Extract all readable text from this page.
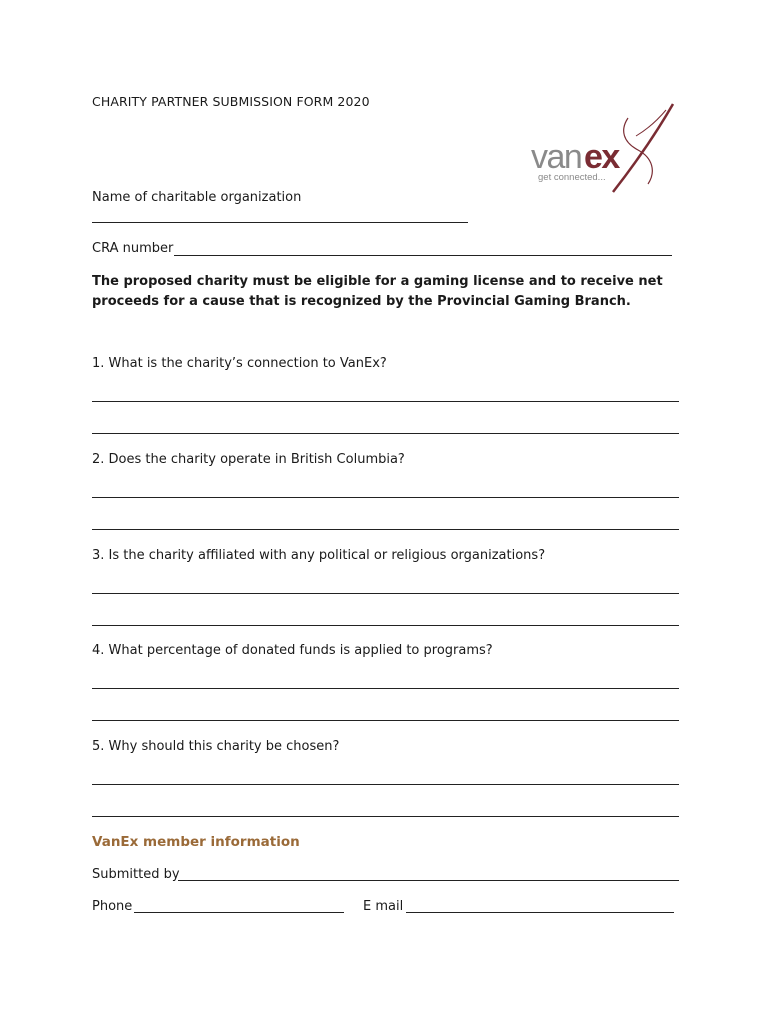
CHARITY PARTNER SUBMISSION FORM 2020
van ex
get connected...
Name of charitable organization
CRA number
The proposed charity must be eligible for a gaming license and to receive net proceeds for a cause that is recognized by the Provincial Gaming Branch.
1. What is the charity’s connection to VanEx?
2. Does the charity operate in British Columbia?
3. Is the charity affiliated with any political or religious organizations?
4. What percentage of donated funds is applied to programs?
5. Why should this charity be chosen?
VanEx member information
Submitted by
Phone	E mail
